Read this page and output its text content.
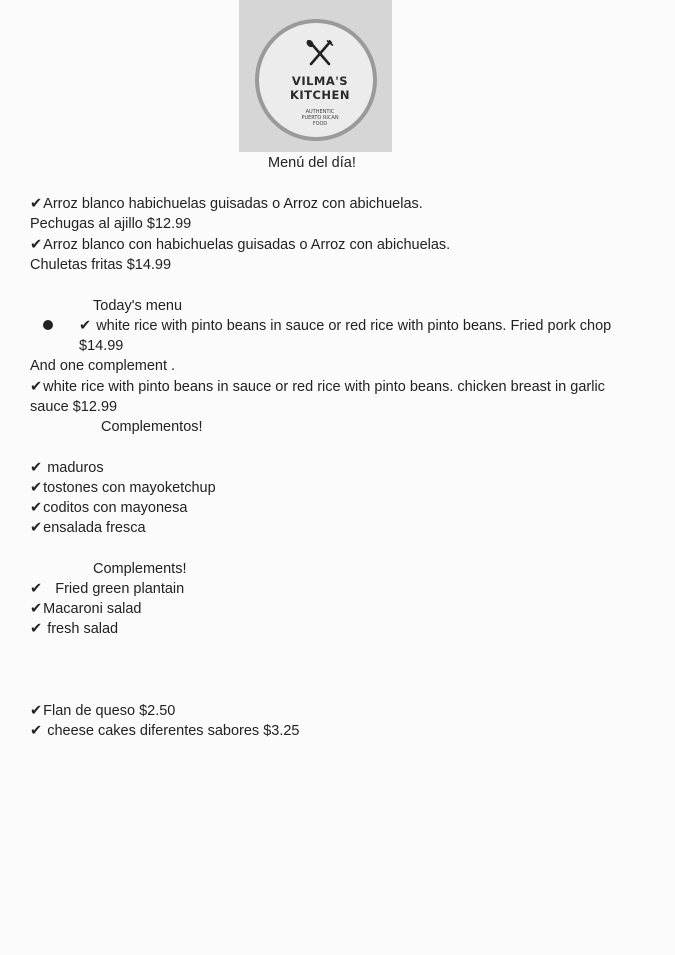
VILMA'S
KITCHEN
AUTHENTIC
PUERTO RICAN
FOOD
Menú del día!
✔Arroz blanco habichuelas guisadas o Arroz con abichuelas.
Pechugas al ajillo $12.99
✔Arroz blanco con habichuelas guisadas o Arroz con abichuelas.
Chuletas fritas $14.99
Today's menu
✔ white rice with pinto beans in sauce or red rice with pinto beans. Fried pork chop
$14.99
And one complement .
✔white rice with pinto beans in sauce or red rice with pinto beans. chicken breast in garlic
sauce $12.99
Complementos!
✔ maduros
✔tostones con mayoketchup
✔coditos con mayonesa
✔ensalada fresca
Complements!
✔ Fried green plantain
✔Macaroni salad
✔ fresh salad
✔Flan de queso $2.50
✔ cheese cakes diferentes sabores $3.25
